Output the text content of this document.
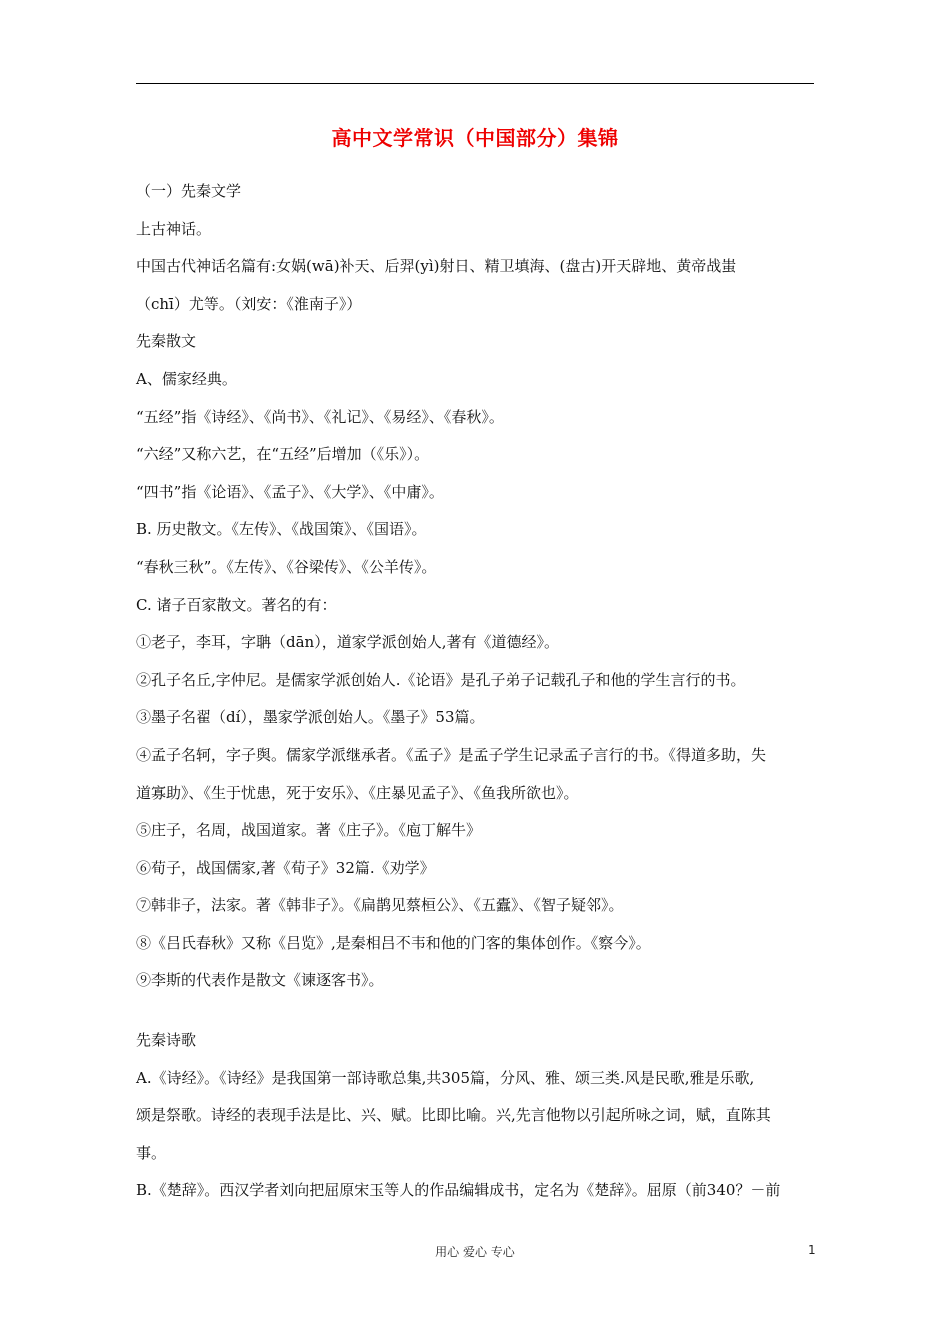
高中文学常识（中国部分）集锦
（一）先秦文学
上古神话。
中国古代神话名篇有:女娲(wā)补天、后羿(yì)射日、精卫填海、(盘古)开天辟地、黄帝战蚩
（chī）尤等。（刘安：《淮南子》）
先秦散文
A、儒家经典。
“五经”指《诗经》、《尚书》、《礼记》、《易经》、《春秋》。
“六经”又称六艺，在“五经”后增加（《乐》）。
“四书”指《论语》、《孟子》、《大学》、《中庸》。
B. 历史散文。《左传》、《战国策》、《国语》。
“春秋三秋”。《左传》、《谷梁传》、《公羊传》。
C. 诸子百家散文。著名的有：
①老子，李耳，字聃（dān），道家学派创始人,著有《道德经》。
②孔子名丘,字仲尼。是儒家学派创始人.《论语》是孔子弟子记载孔子和他的学生言行的书。
③墨子名翟（dí），墨家学派创始人。《墨子》53篇。
④孟子名轲，字子舆。儒家学派继承者。《孟子》是孟子学生记录孟子言行的书。《得道多助，失
道寡助》、《生于忧患，死于安乐》、《庄暴见孟子》、《鱼我所欲也》。
⑤庄子，名周，战国道家。著《庄子》。《庖丁解牛》
⑥荀子，战国儒家,著《荀子》32篇.《劝学》
⑦韩非子，法家。著《韩非子》。《扁鹊见蔡桓公》、《五蠹》、《智子疑邻》。
⑧《吕氏春秋》又称《吕览》,是秦相吕不韦和他的门客的集体创作。《察今》。
⑨李斯的代表作是散文《谏逐客书》。
先秦诗歌
A.《诗经》。《诗经》是我国第一部诗歌总集,共305篇，分风、雅、颂三类.风是民歌,雅是乐歌,
颂是祭歌。诗经的表现手法是比、兴、赋。比即比喻。兴,先言他物以引起所咏之词，赋，直陈其
事。
B.《楚辞》。西汉学者刘向把屈原宋玉等人的作品编辑成书，定名为《楚辞》。屈原（前340？－前
用心 爱心 专心	1
